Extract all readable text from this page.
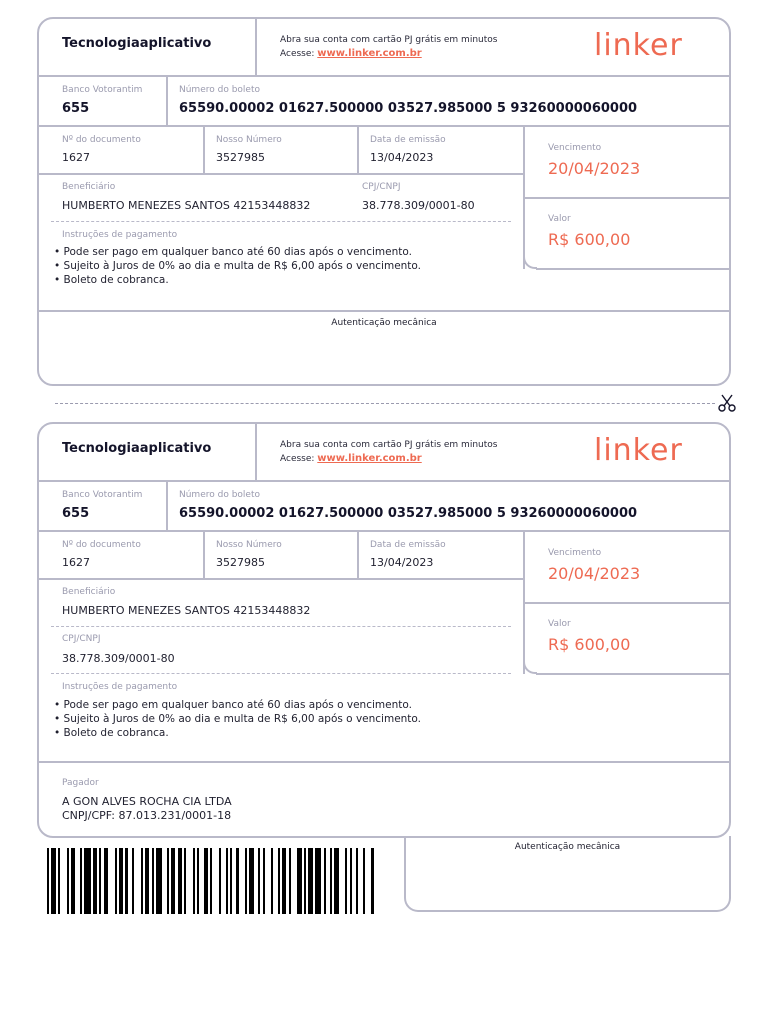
Tecnologiaaplicativo	Abra sua conta com cartão PJ grátis em minutos
Acesse: www.linker.com.br	linker
Banco Votorantim
655
Número do boleto
65590.00002 01627.500000 03527.985000 5 93260000060000
Nº do documento
1627
Nosso Número
3527985
Data de emissão
13/04/2023
Beneficiário
HUMBERTO MENEZES SANTOS 42153448832
CPJ/CNPJ
38.778.309/0001-80
Instruções de pagamento
• Pode ser pago em qualquer banco até 60 dias após o vencimento.
• Sujeito à Juros de 0% ao dia e multa de R$ 6,00 após o vencimento.
• Boleto de cobranca.
Vencimento
20/04/2023
Valor
R$ 600,00
Autenticação mecânica
Tecnologiaaplicativo	Abra sua conta com cartão PJ grátis em minutos
Acesse: www.linker.com.br	linker
Banco Votorantim
655
Número do boleto
65590.00002 01627.500000 03527.985000 5 93260000060000
Nº do documento
1627
Nosso Número
3527985
Data de emissão
13/04/2023
Beneficiário
HUMBERTO MENEZES SANTOS 42153448832
CPJ/CNPJ
38.778.309/0001-80
Instruções de pagamento
• Pode ser pago em qualquer banco até 60 dias após o vencimento.
• Sujeito à Juros de 0% ao dia e multa de R$ 6,00 após o vencimento.
• Boleto de cobranca.
Vencimento
20/04/2023
Valor
R$ 600,00
Pagador
A GON ALVES ROCHA CIA LTDA
CNPJ/CPF: 87.013.231/0001-18
Autenticação mecânica
